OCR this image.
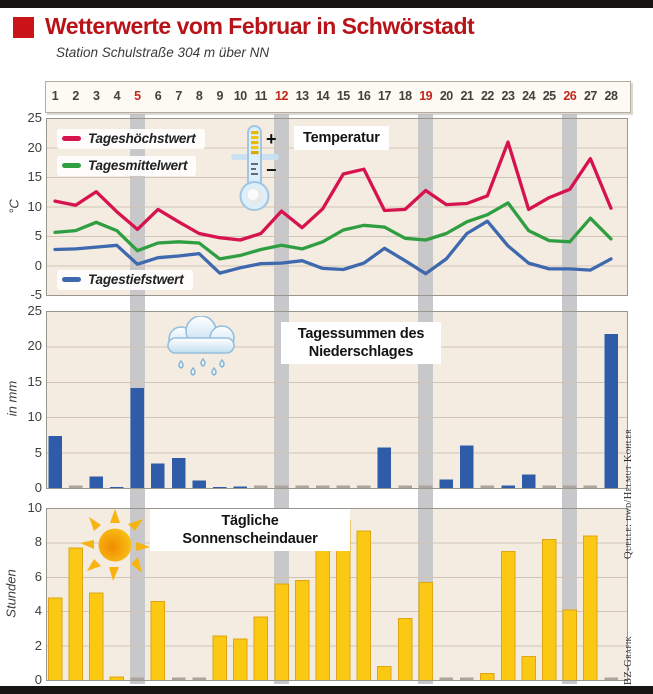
Wetterwerte vom Februar in Schwörstadt
Station Schulstraße 304 m über NN
1	2	3	4	5	6	7	8	9 10 11 12 13 14 15 16 17 18 19 20 21 22 23 24 25 26 27 28
25
20
15
10
5
0
-5
25
20
15
10
5
0
10
8
6
4
2
0
°C
in mm
Stunden
Tageshöchstwert
Tagesmittelwert
Tagestiefstwert
Temperatur
Tagessummen des
Niederschlages
Tägliche
Sonnenscheindauer
+
−
BZ-Grafik
Quelle: dwd/Helmut Kohler
